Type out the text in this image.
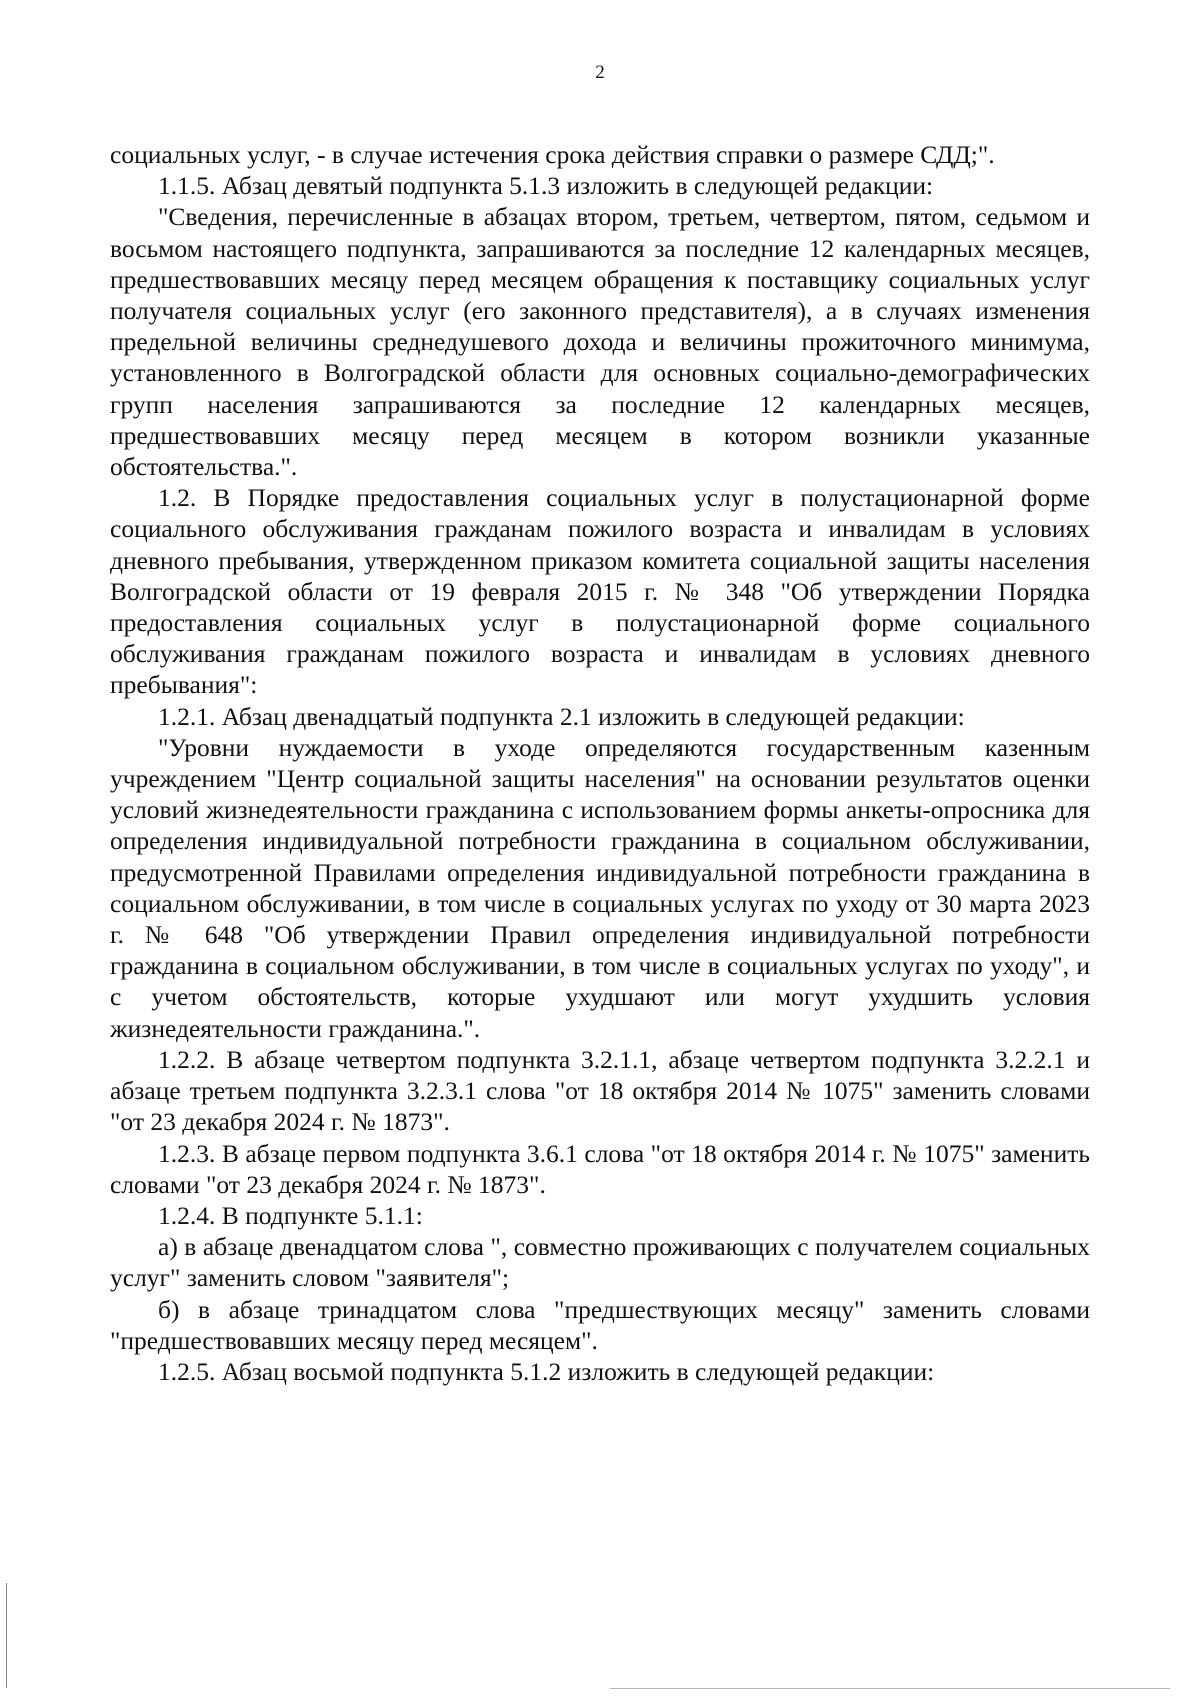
2

социальных услуг, - в случае истечения срока действия справки о размере СДД;".

1.1.5. Абзац девятый подпункта 5.1.3 изложить в следующей редакции:

"Сведения, перечисленные в абзацах втором, третьем, четвертом, пятом, седьмом и восьмом настоящего подпункта, запрашиваются за последние 12 календарных месяцев, предшествовавших месяцу перед месяцем обращения к поставщику социальных услуг получателя социальных услуг (его законного представителя), а в случаях изменения предельной величины среднедушевого дохода и величины прожиточного минимума, установленного в Волгоградской области для основных социально-демографических групп населения запрашиваются за последние 12 календарных месяцев, предшествовавших месяцу перед месяцем в котором возникли указанные обстоятельства.".

1.2. В Порядке предоставления социальных услуг в полустационарной форме социального обслуживания гражданам пожилого возраста и инвалидам в условиях дневного пребывания, утвержденном приказом комитета социальной защиты населения Волгоградской области от 19 февраля 2015 г. № 348 "Об утверждении Порядка предоставления социальных услуг в полустационарной форме социального обслуживания гражданам пожилого возраста и инвалидам в условиях дневного пребывания":

1.2.1. Абзац двенадцатый подпункта 2.1 изложить в следующей редакции:

"Уровни нуждаемости в уходе определяются государственным казенным учреждением "Центр социальной защиты населения" на основании результатов оценки условий жизнедеятельности гражданина с использованием формы анкеты-опросника для определения индивидуальной потребности гражданина в социальном обслуживании, предусмотренной Правилами определения индивидуальной потребности гражданина в социальном обслуживании, в том числе в социальных услугах по уходу от 30 марта 2023 г. № 648 "Об утверждении Правил определения индивидуальной потребности гражданина в социальном обслуживании, в том числе в социальных услугах по уходу", и с учетом обстоятельств, которые ухудшают или могут ухудшить условия жизнедеятельности гражданина.".

1.2.2. В абзаце четвертом подпункта 3.2.1.1, абзаце четвертом подпункта 3.2.2.1 и абзаце третьем подпункта 3.2.3.1 слова "от 18 октября 2014 № 1075" заменить словами "от 23 декабря 2024 г. № 1873".

1.2.3. В абзаце первом подпункта 3.6.1 слова "от 18 октября 2014 г. № 1075" заменить словами "от 23 декабря 2024 г. № 1873".

1.2.4. В подпункте 5.1.1:

а) в абзаце двенадцатом слова ", совместно проживающих с получателем социальных услуг" заменить словом "заявителя";

б) в абзаце тринадцатом слова "предшествующих месяцу" заменить словами "предшествовавших месяцу перед месяцем".

1.2.5. Абзац восьмой подпункта 5.1.2 изложить в следующей редакции:
